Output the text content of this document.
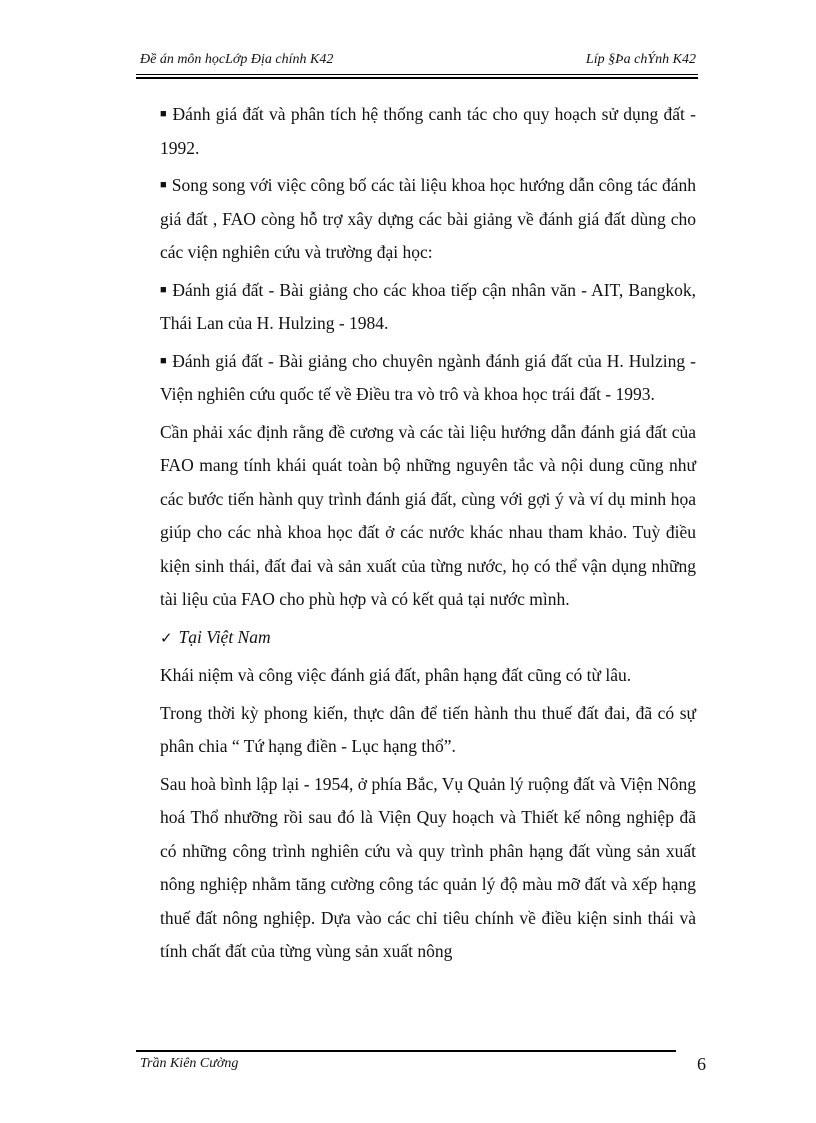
Đề án môn họcLớp Địa chính K42	Líp §Þa chÝnh K42

■ Đánh giá đất và phân tích hệ thống canh tác cho quy hoạch sử dụng đất - 1992.

■ Song song với việc công bố các tài liệu khoa học hướng dẫn công tác đánh giá đất , FAO còng hỗ trợ xây dựng các bài giảng về đánh giá đất dùng cho các viện nghiên cứu và trường đại học:

■ Đánh giá đất - Bài giảng cho các khoa tiếp cận nhân văn - AIT, Bangkok, Thái Lan của H. Hulzing - 1984.

■ Đánh giá đất - Bài giảng cho chuyên ngành đánh giá đất của H. Hulzing - Viện nghiên cứu quốc tế về Điều tra vò trô và khoa học trái đất - 1993.

Cần phải xác định rằng đề cương và các tài liệu hướng dẫn đánh giá đất của FAO mang tính khái quát toàn bộ những nguyên tắc và nội dung cũng như các bước tiến hành quy trình đánh giá đất, cùng với gợi ý và ví dụ minh họa giúp cho các nhà khoa học đất ở các nước khác nhau tham khảo. Tuỳ điều kiện sinh thái, đất đai và sản xuất của từng nước, họ có thể vận dụng những tài liệu của FAO cho phù hợp và có kết quả tại nước mình.

✓ Tại Việt Nam

Khái niệm và công việc đánh giá đất, phân hạng đất cũng có từ lâu.

Trong thời kỳ phong kiến, thực dân để tiến hành thu thuế đất đai, đã có sự phân chia “ Tứ hạng điền - Lục hạng thổ”.

Sau hoà bình lập lại - 1954, ở phía Bắc, Vụ Quản lý ruộng đất và Viện Nông hoá Thổ nhưỡng rồi sau đó là Viện Quy hoạch và Thiết kế nông nghiệp đã có những công trình nghiên cứu và quy trình phân hạng đất vùng sản xuất nông nghiệp nhằm tăng cường công tác quản lý độ màu mỡ đất và xếp hạng thuế đất nông nghiệp. Dựa vào các chỉ tiêu chính về điều kiện sinh thái và tính chất đất của từng vùng sản xuất nông

Trần Kiên Cường	6
